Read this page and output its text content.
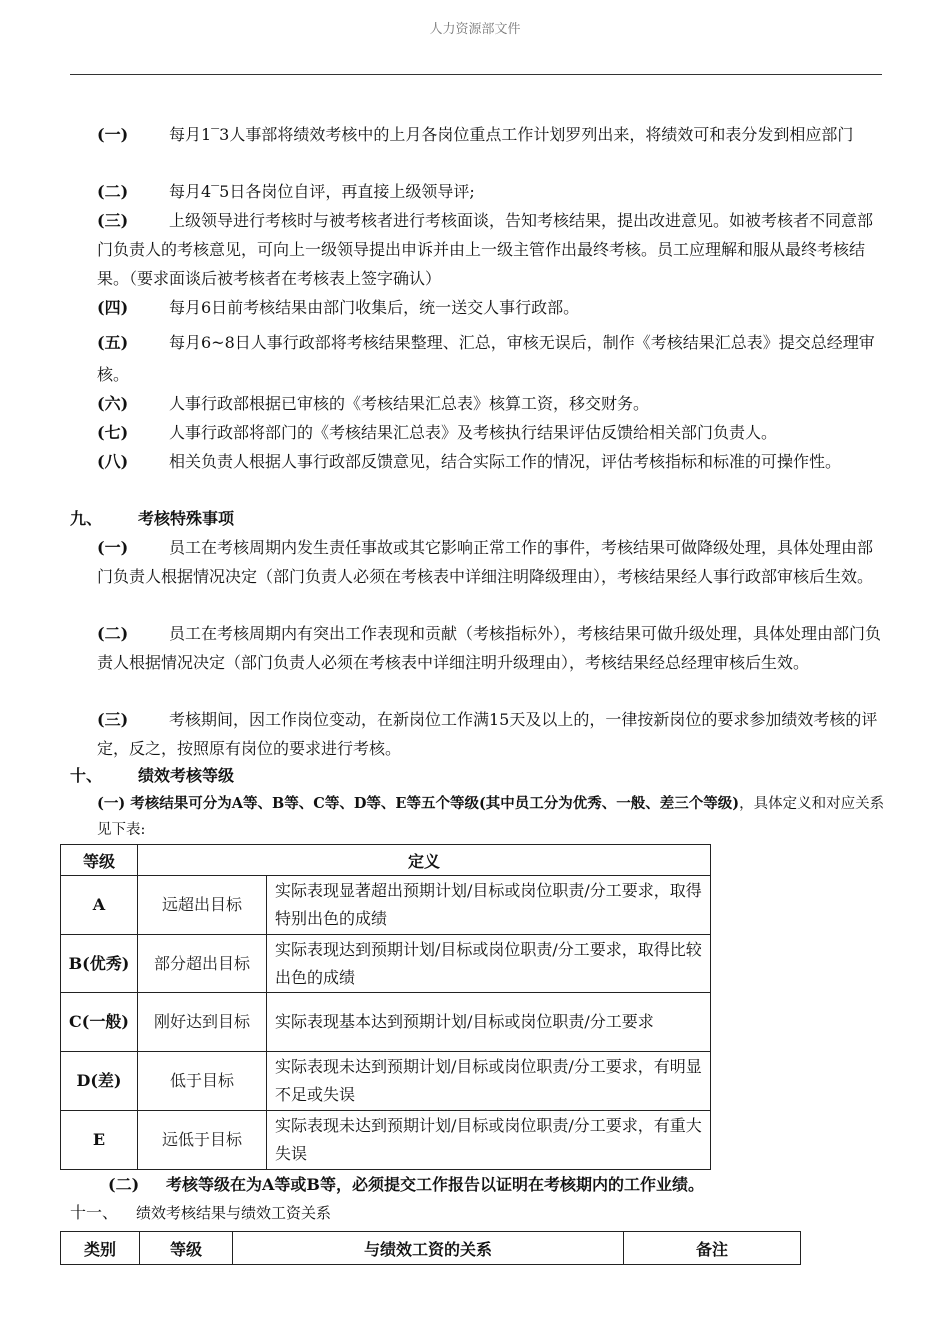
人力资源部文件

(一)	每月1‾3人事部将绩效考核中的上月各岗位重点工作计划罗列出来，将绩效可和表分发到相应部门

(二)	每月4‾5日各岗位自评，再直接上级领导评;

(三)	上级领导进行考核时与被考核者进行考核面谈，告知考核结果，提出改进意见。如被考核者不同意部门负责人的考核意见，可向上一级领导提出申诉并由上一级主管作出最终考核。员工应理解和服从最终考核结果。（要求面谈后被考核者在考核表上签字确认）

(四)	每月6日前考核结果由部门收集后，统一送交人事行政部。

(五)	每月6~8日人事行政部将考核结果整理、汇总，审核无误后，制作《考核结果汇总表》提交总经理审核。

(六)	人事行政部根据已审核的《考核结果汇总表》核算工资，移交财务。

(七)	人事行政部将部门的《考核结果汇总表》及考核执行结果评估反馈给相关部门负责人。

(八)	相关负责人根据人事行政部反馈意见，结合实际工作的情况，评估考核指标和标准的可操作性。

九、 考核特殊事项

(一)	员工在考核周期内发生责任事故或其它影响正常工作的事件，考核结果可做降级处理，具体处理由部门负责人根据情况决定（部门负责人必须在考核表中详细注明降级理由），考核结果经人事行政部审核后生效。

(二)	员工在考核周期内有突出工作表现和贡献（考核指标外），考核结果可做升级处理，具体处理由部门负责人根据情况决定（部门负责人必须在考核表中详细注明升级理由），考核结果经总经理审核后生效。

(三)	考核期间，因工作岗位变动，在新岗位工作满15天及以上的，一律按新岗位的要求参加绩效考核的评定，反之，按照原有岗位的要求进行考核。

十、 绩效考核等级

(一) 考核结果可分为A等、B等、C等、D等、E等五个等级(其中员工分为优秀、一般、差三个等级)，具体定义和对应关系见下表:

等级	定义	
A	远超出目标	实际表现显著超出预期计划/目标或岗位职责/分工要求，取得特别出色的成绩
B(优秀)	部分超出目标	实际表现达到预期计划/目标或岗位职责/分工要求，取得比较出色的成绩
C(一般)	刚好达到目标	实际表现基本达到预期计划/目标或岗位职责/分工要求
D(差)	低于目标	实际表现未达到预期计划/目标或岗位职责/分工要求，有明显不足或失误
E	远低于目标	实际表现未达到预期计划/目标或岗位职责/分工要求，有重大失误

(二) 考核等级在为A等或B等，必须提交工作报告以证明在考核期内的工作业绩。

十一、 绩效考核结果与绩效工资关系
类别	等级	与绩效工资的关系	备注
